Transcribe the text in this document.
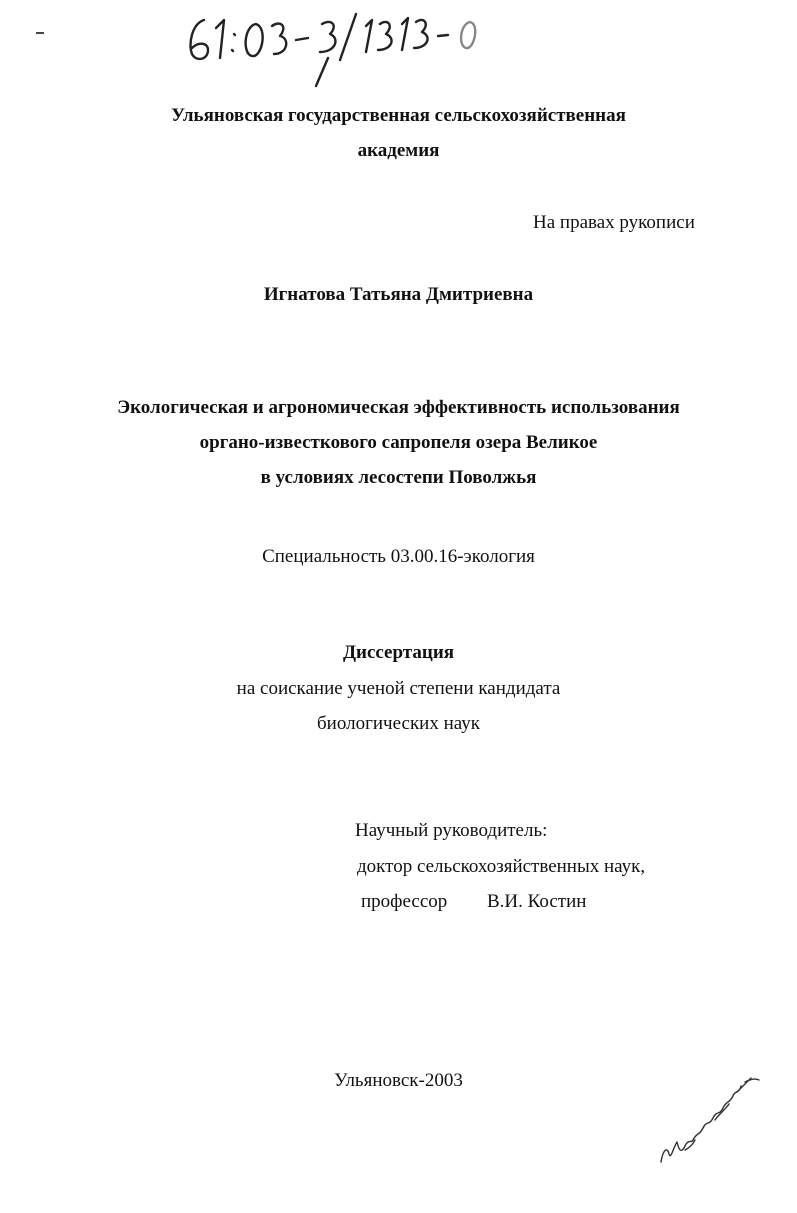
61:03-3/1313-0
Ульяновская государственная сельскохозяйственная
академия
На правах рукописи
Игнатова Татьяна Дмитриевна
Экологическая и агрономическая эффективность использования
органо-известкового сапропеля озера Великое
в условиях лесостепи Поволжья
Специальность 03.00.16-экология
Диссертация
на соискание ученой степени кандидата
биологических наук
Научный руководитель:
доктор сельскохозяйственных наук,
профессор В.И. Костин
Ульяновск-2003
